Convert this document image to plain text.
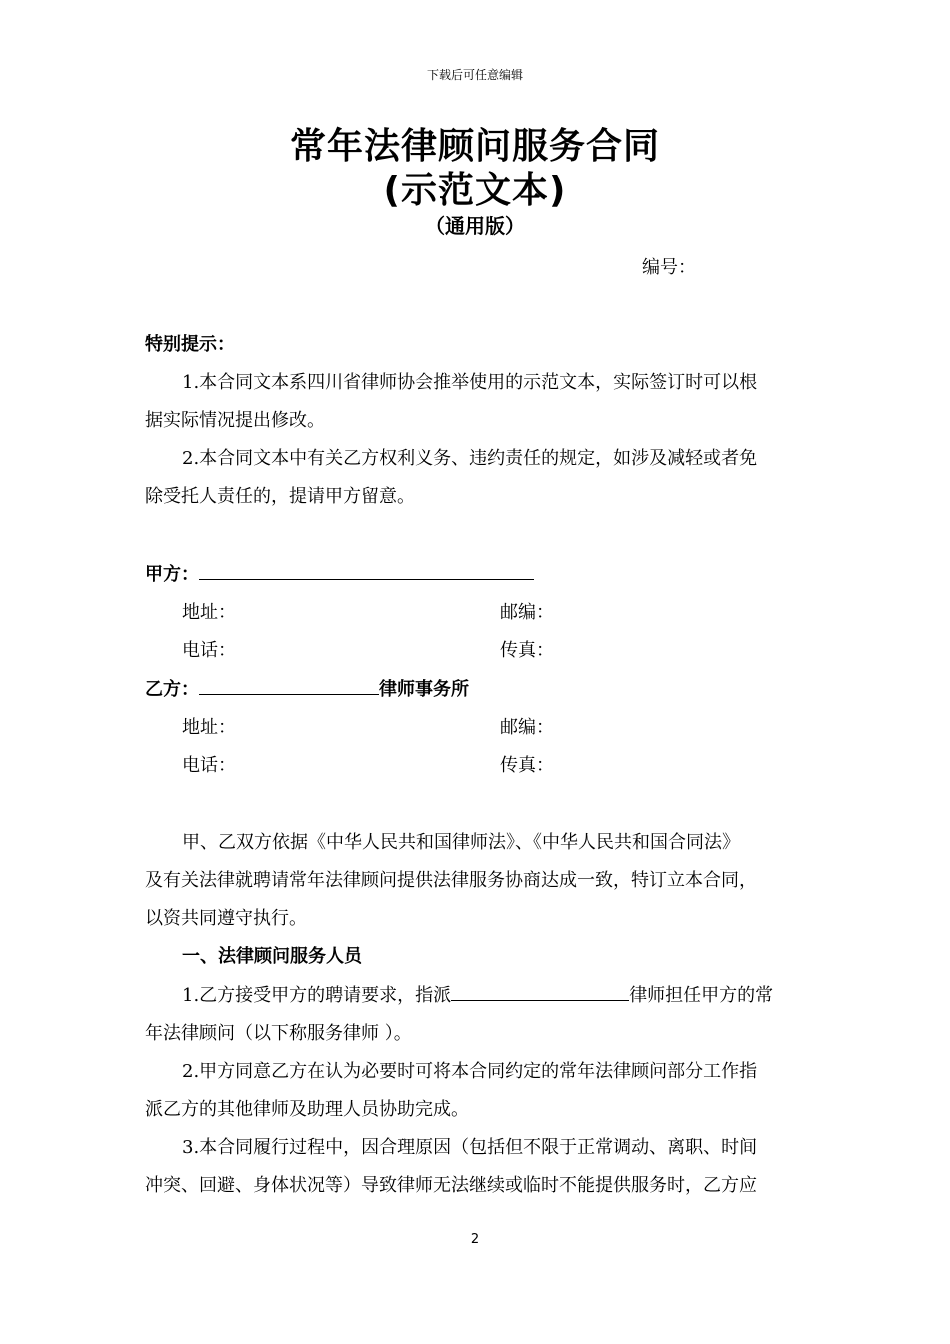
下载后可任意编辑
常年法律顾问服务合同
(示范文本)
（通用版）
编号：
特别提示：
1.本合同文本系四川省律师协会推举使用的示范文本，实际签订时可以根
据实际情况提出修改。
2.本合同文本中有关乙方权利义务、违约责任的规定，如涉及减轻或者免
除受托人责任的，提请甲方留意。
甲方：
地址：	邮编：
电话：	传真：
乙方：	律师事务所
地址：	邮编：
电话：	传真：
甲、乙双方依据《中华人民共和国律师法》、《中华人民共和国合同法》
及有关法律就聘请常年法律顾问提供法律服务协商达成一致，特订立本合同，
以资共同遵守执行。
一、法律顾问服务人员
1.乙方接受甲方的聘请要求，指派	律师担任甲方的常
年法律顾问（以下称服务律师 ）。
2.甲方同意乙方在认为必要时可将本合同约定的常年法律顾问部分工作指
派乙方的其他律师及助理人员协助完成。
3.本合同履行过程中，因合理原因（包括但不限于正常调动、离职、时间
冲突、回避、身体状况等）导致律师无法继续或临时不能提供服务时，乙方应
2
